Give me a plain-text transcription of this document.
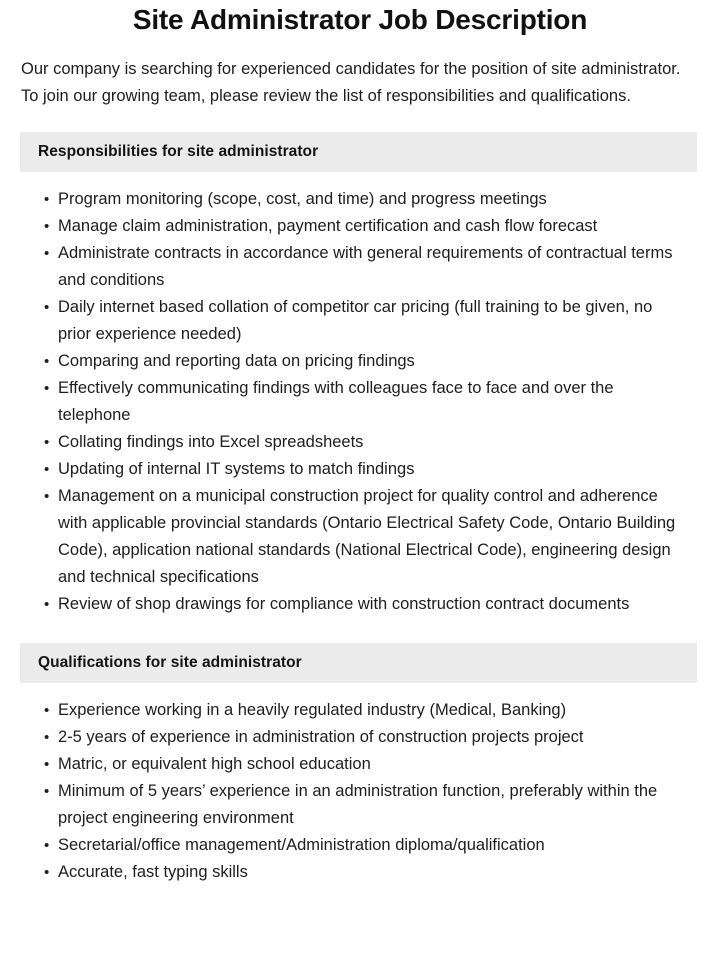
Site Administrator Job Description

Our company is searching for experienced candidates for the position of site administrator. To join our growing team, please review the list of responsibilities and qualifications.

Responsibilities for site administrator
• Program monitoring (scope, cost, and time) and progress meetings
• Manage claim administration, payment certification and cash flow forecast
• Administrate contracts in accordance with general requirements of contractual terms and conditions
• Daily internet based collation of competitor car pricing (full training to be given, no prior experience needed)
• Comparing and reporting data on pricing findings
• Effectively communicating findings with colleagues face to face and over the telephone
• Collating findings into Excel spreadsheets
• Updating of internal IT systems to match findings
• Management on a municipal construction project for quality control and adherence with applicable provincial standards (Ontario Electrical Safety Code, Ontario Building Code), application national standards (National Electrical Code), engineering design and technical specifications
• Review of shop drawings for compliance with construction contract documents
Qualifications for site administrator
• Experience working in a heavily regulated industry (Medical, Banking)
• 2-5 years of experience in administration of construction projects project
• Matric, or equivalent high school education
• Minimum of 5 years’ experience in an administration function, preferably within the project engineering environment
• Secretarial/office management/Administration diploma/qualification
• Accurate, fast typing skills
